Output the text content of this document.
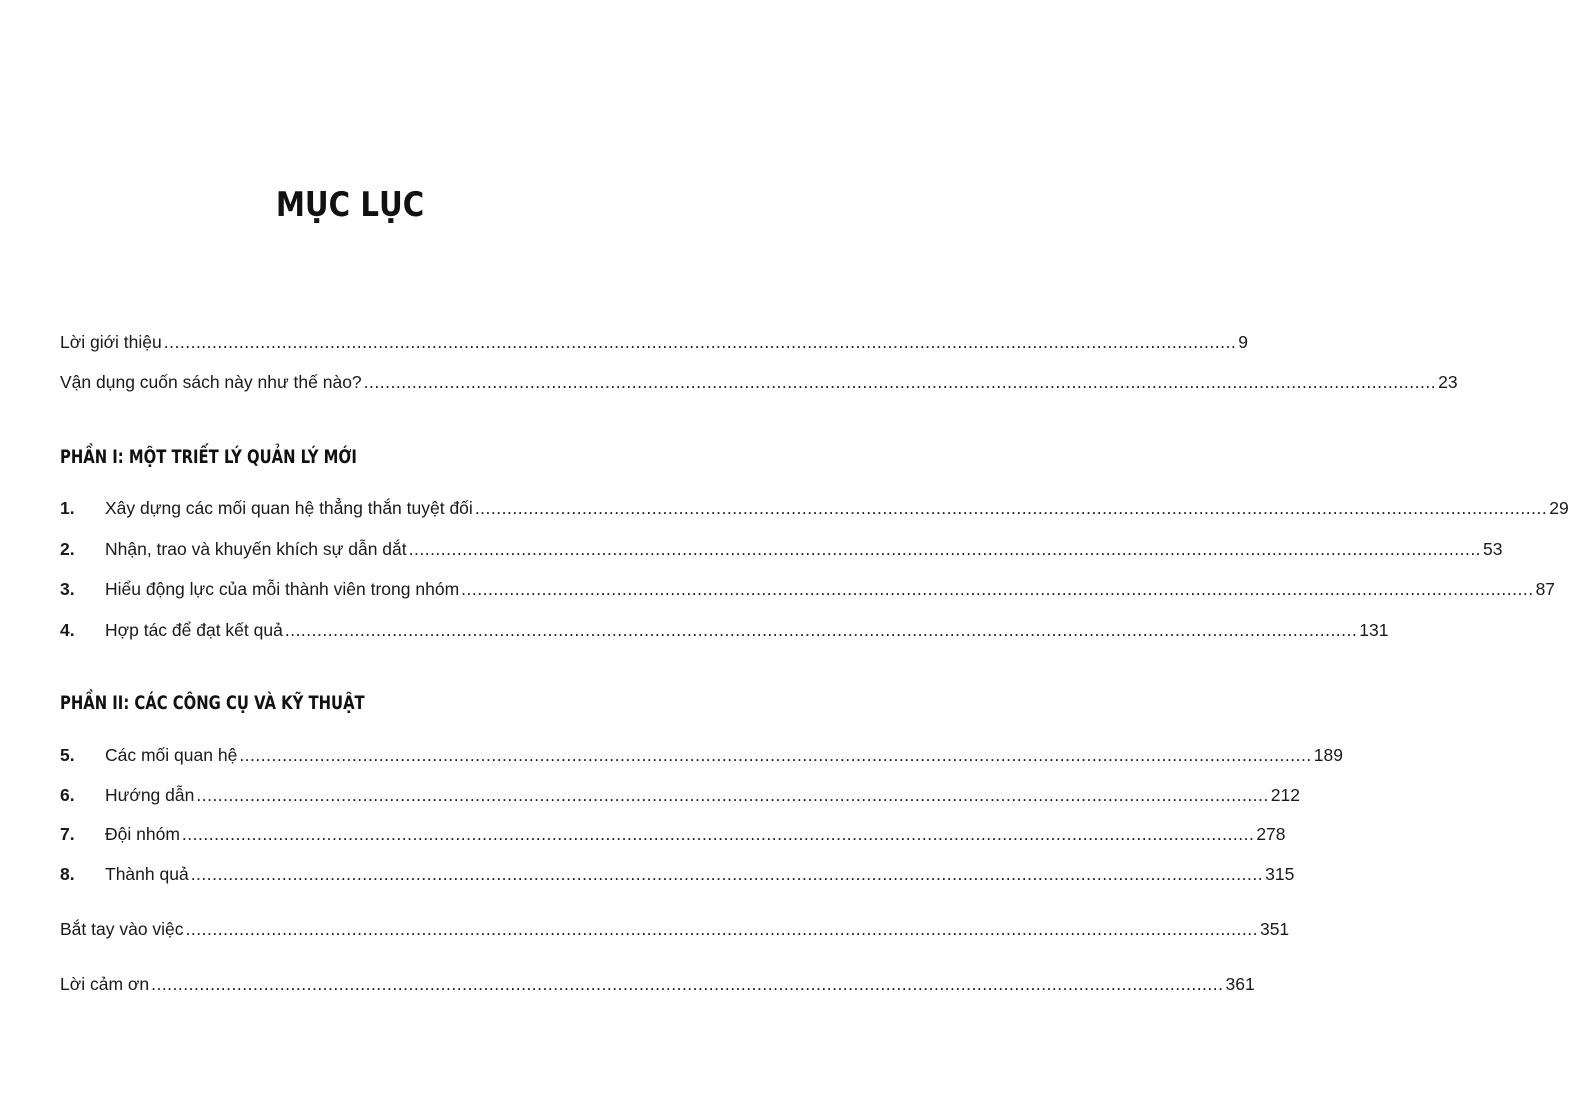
MỤC LỤC
Lời giới thiệu ........................................................................................................................................................................................................ 9
Vận dụng cuốn sách này như thế nào? ........................................................................................................................................................................................................ 23
PHẦN I: MỘT TRIẾT LÝ QUẢN LÝ MỚI
1.	Xây dựng các mối quan hệ thẳng thắn tuyệt đối ........................................................................................................................................................................................................ 29
2.	Nhận, trao và khuyến khích sự dẫn dắt ........................................................................................................................................................................................................ 53
3.	Hiểu động lực của mỗi thành viên trong nhóm ........................................................................................................................................................................................................ 87
4.	Hợp tác để đạt kết quả ........................................................................................................................................................................................................ 131
PHẦN II: CÁC CÔNG CỤ VÀ KỸ THUẬT
5.	Các mối quan hệ ........................................................................................................................................................................................................ 189
6.	Hướng dẫn ........................................................................................................................................................................................................ 212
7.	Đội nhóm ........................................................................................................................................................................................................ 278
8.	Thành quả ........................................................................................................................................................................................................ 315
Bắt tay vào việc ........................................................................................................................................................................................................ 351
Lời cảm ơn ........................................................................................................................................................................................................ 361
